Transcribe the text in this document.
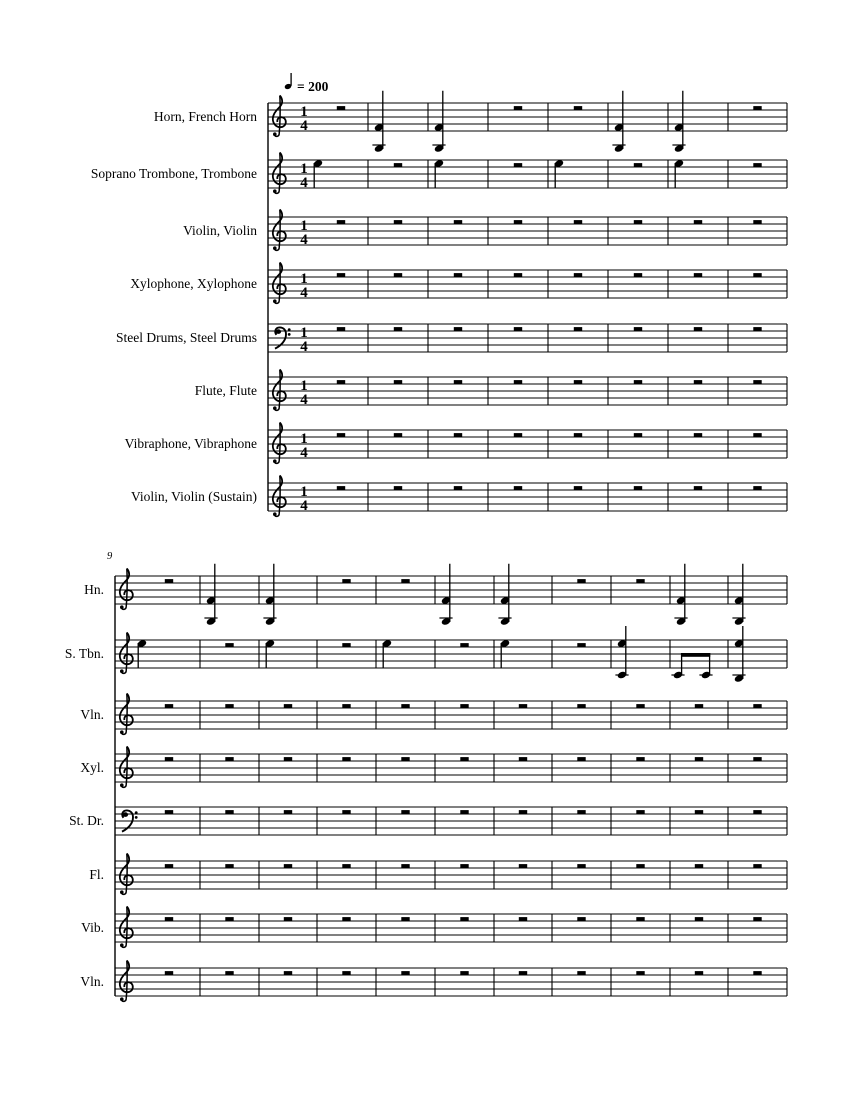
= 200
Horn, French Horn	1
4
Soprano Trombone, Trombone	1
4
Violin, Violin	1
4
Xylophone, Xylophone	1
4
Steel Drums, Steel Drums	1
4
Flute, Flute	1
4
Vibraphone, Vibraphone	1
4
Violin, Violin (Sustain)	1
4
9
Hn.
S. Tbn.
Vln.
Xyl.
St. Dr.
Fl.
Vib.
Vln.
